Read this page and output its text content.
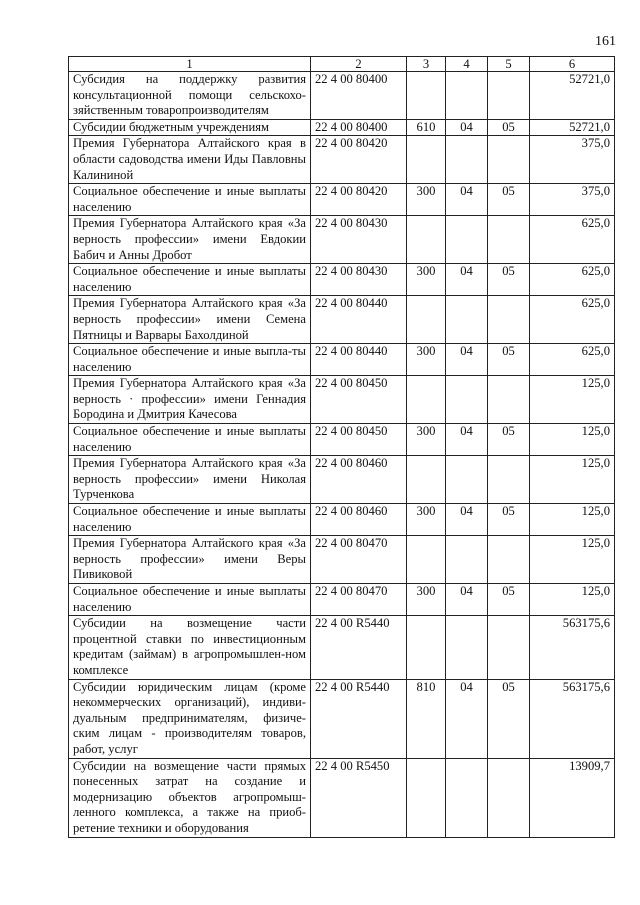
161
1	2	3	4	5	6
Субсидия на поддержку развития консультационной помощи сельскохо-зяйственным товаропроизводителям	22 4 00 80400				52721,0
Субсидии бюджетным учреждениям	22 4 00 80400	610	04	05	52721,0
Премия Губернатора Алтайского края в области садоводства имени Иды Павловны Калининой	22 4 00 80420				375,0
Социальное обеспечение и иные выплаты населению	22 4 00 80420	300	04	05	375,0
Премия Губернатора Алтайского края «За верность профессии» имени Евдокии Бабич и Анны Дробот	22 4 00 80430				625,0
Социальное обеспечение и иные выплаты населению	22 4 00 80430	300	04	05	625,0
Премия Губернатора Алтайского края «За верность профессии» имени Семена Пятницы и Варвары Бахолдиной	22 4 00 80440				625,0
Социальное обеспечение и иные выпла-ты населению	22 4 00 80440	300	04	05	625,0
Премия Губернатора Алтайского края «За верность · профессии» имени Геннадия Бородина и Дмитрия Качесова	22 4 00 80450				125,0
Социальное обеспечение и иные выплаты населению	22 4 00 80450	300	04	05	125,0
Премия Губернатора Алтайского края «За верность профессии» имени Николая Турченкова	22 4 00 80460				125,0
Социальное обеспечение и иные выплаты населению	22 4 00 80460	300	04	05	125,0
Премия Губернатора Алтайского края «За верность профессии» имени Веры Пивиковой	22 4 00 80470				125,0
Социальное обеспечение и иные выплаты населению	22 4 00 80470	300	04	05	125,0
Субсидии на возмещение части процентной ставки по инвестиционным кредитам (займам) в агропромышлен-ном комплексе	22 4 00 R5440				563175,6
Субсидии юридическим лицам (кроме некоммерческих организаций), индиви-дуальным предпринимателям, физиче-ским лицам - производителям товаров, работ, услуг	22 4 00 R5440	810	04	05	563175,6
Субсидии на возмещение части прямых понесенных затрат на создание и модернизацию объектов агропромыш-ленного комплекса, а также на приоб-ретение техники и оборудования	22 4 00 R5450				13909,7
